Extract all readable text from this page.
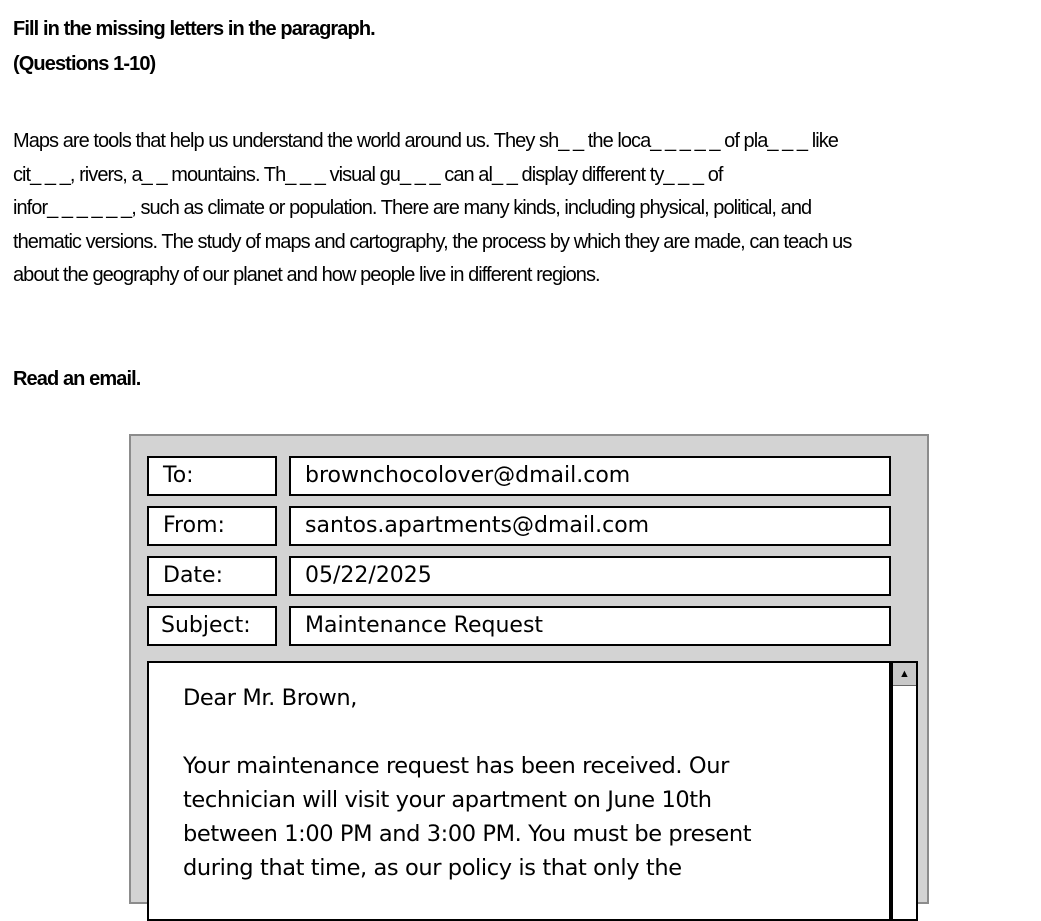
Fill in the missing letters in the paragraph.
(Questions 1-10)
Maps are tools that help us understand the world around us. They sh_ _ the loca_ _ _ _ _ of pla_ _ _ like
cit_ _ _, rivers, a_ _ mountains. Th_ _ _ visual gu_ _ _ can al_ _ display different ty_ _ _ of
infor_ _ _ _ _ _, such as climate or population. There are many kinds, including physical, political, and
thematic versions. The study of maps and cartography, the process by which they are made, can teach us
about the geography of our planet and how people live in different regions.
Read an email.
To:	brownchocolover@dmail.com
From:	santos.apartments@dmail.com
Date:	05/22/2025
Subject:	Maintenance Request
Dear Mr. Brown,
Your maintenance request has been received. Our
technician will visit your apartment on June 10th
between 1:00 PM and 3:00 PM. You must be present
during that time, as our policy is that only the
▲
